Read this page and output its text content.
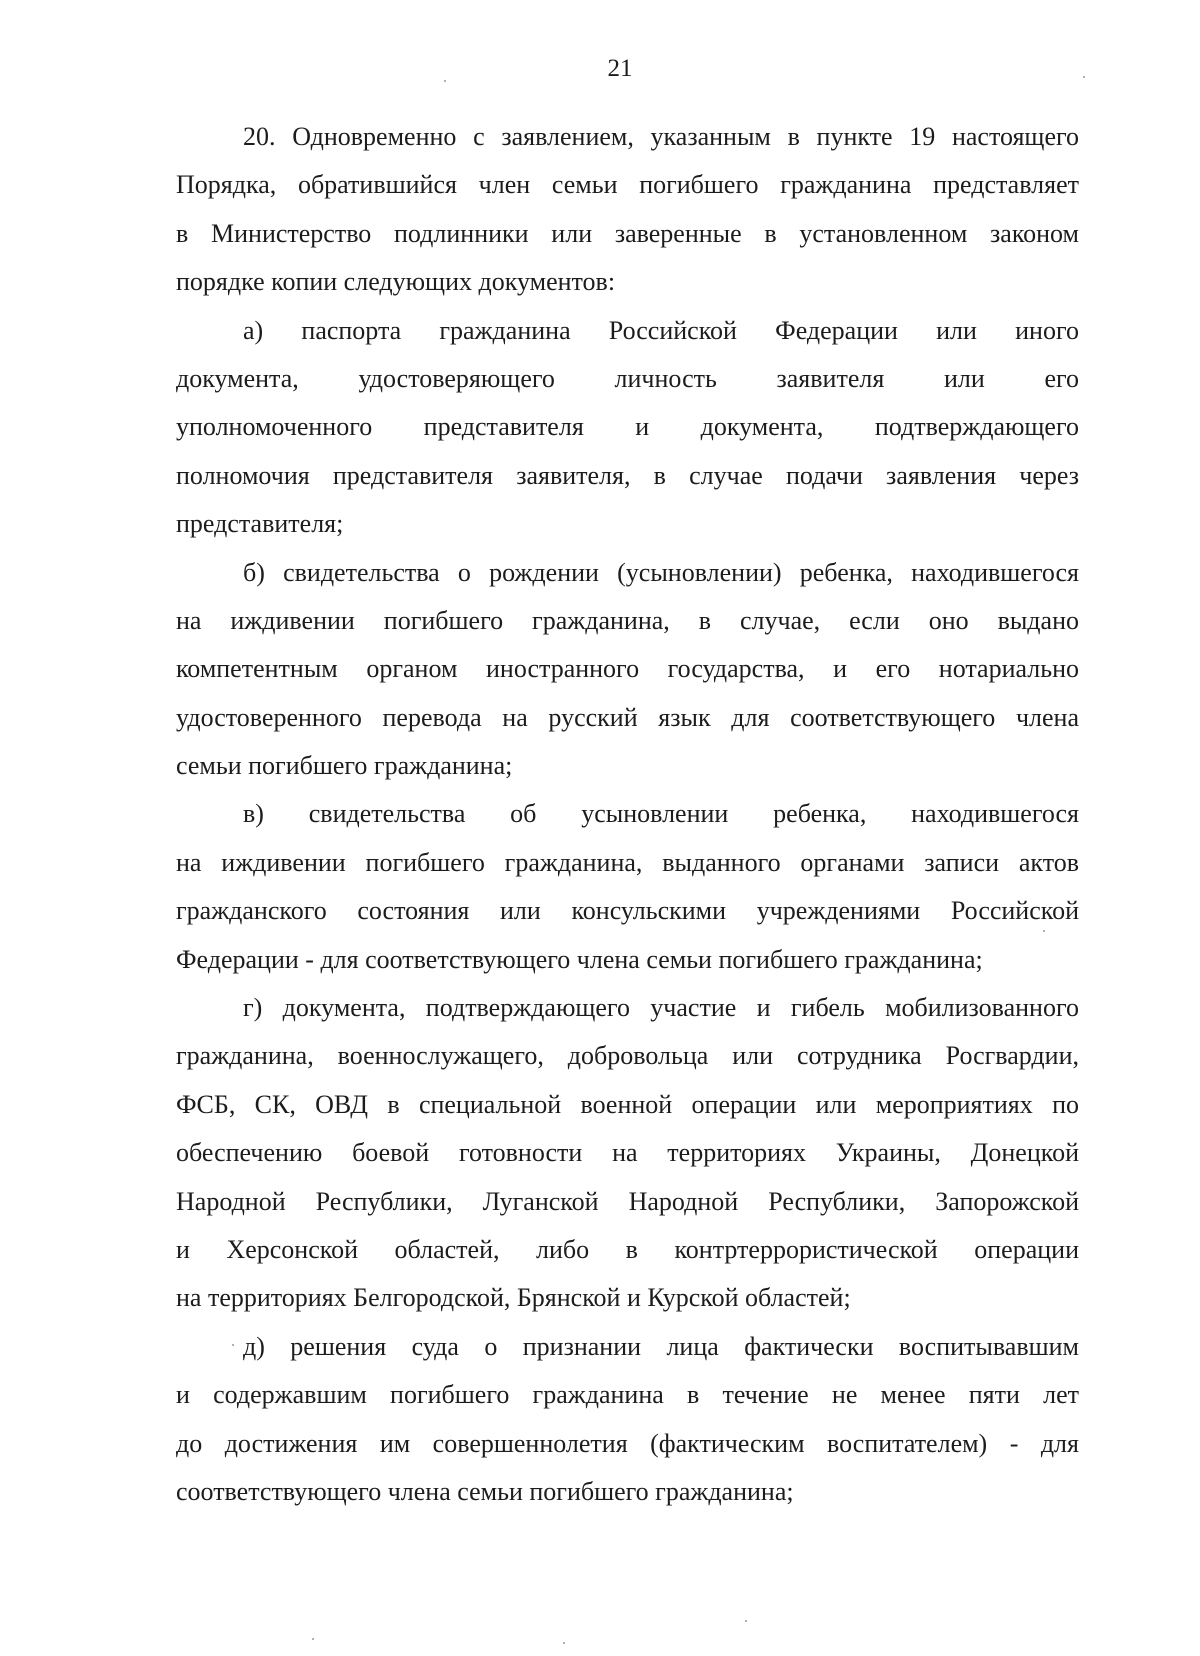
21
20. Одновременно с заявлением, указанным в пункте 19 настоящего
Порядка, обратившийся член семьи погибшего гражданина представляет
в Министерство подлинники или заверенные в установленном законом
порядке копии следующих документов:
а) паспорта гражданина Российской Федерации или иного
документа, удостоверяющего личность заявителя или его
уполномоченного представителя и документа, подтверждающего
полномочия представителя заявителя, в случае подачи заявления через
представителя;
б) свидетельства о рождении (усыновлении) ребенка, находившегося
на иждивении погибшего гражданина, в случае, если оно выдано
компетентным органом иностранного государства, и его нотариально
удостоверенного перевода на русский язык для соответствующего члена
семьи погибшего гражданина;
в) свидетельства об усыновлении ребенка, находившегося
на иждивении погибшего гражданина, выданного органами записи актов
гражданского состояния или консульскими учреждениями Российской
Федерации - для соответствующего члена семьи погибшего гражданина;
г) документа, подтверждающего участие и гибель мобилизованного
гражданина, военнослужащего, добровольца или сотрудника Росгвардии,
ФСБ, СК, ОВД в специальной военной операции или мероприятиях по
обеспечению боевой готовности на территориях Украины, Донецкой
Народной Республики, Луганской Народной Республики, Запорожской
и Херсонской областей, либо в контртеррористической операции
на территориях Белгородской, Брянской и Курской областей;
д) решения суда о признании лица фактически воспитывавшим
и содержавшим погибшего гражданина в течение не менее пяти лет
до достижения им совершеннолетия (фактическим воспитателем) - для
соответствующего члена семьи погибшего гражданина;
